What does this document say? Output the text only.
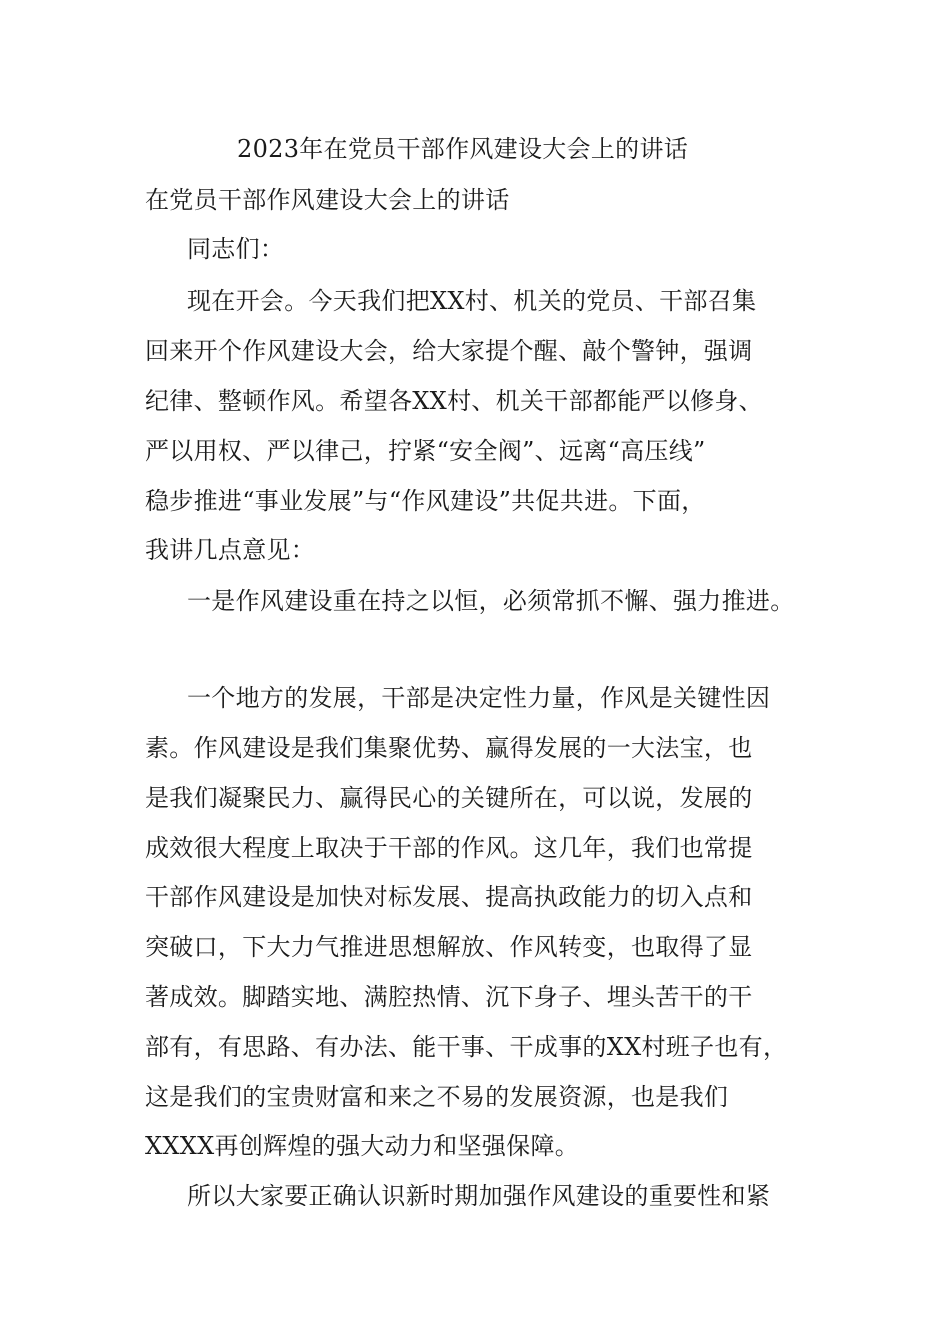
2023年在党员干部作风建设大会上的讲话
在党员干部作风建设大会上的讲话
同志们：
现在开会。今天我们把XX村、机关的党员、干部召集
回来开个作风建设大会，给大家提个醒、敲个警钟，强调
纪律、整顿作风。希望各XX村、机关干部都能严以修身、
严以用权、严以律己，拧紧“安全阀”、远离“高压线”
稳步推进“事业发展”与“作风建设”共促共进。下面，
我讲几点意见：
一是作风建设重在持之以恒，必须常抓不懈、强力推进。
一个地方的发展，干部是决定性力量，作风是关键性因
素。作风建设是我们集聚优势、赢得发展的一大法宝，也
是我们凝聚民力、赢得民心的关键所在，可以说，发展的
成效很大程度上取决于干部的作风。这几年，我们也常提
干部作风建设是加快对标发展、提高执政能力的切入点和
突破口，下大力气推进思想解放、作风转变，也取得了显
著成效。脚踏实地、满腔热情、沉下身子、埋头苦干的干
部有，有思路、有办法、能干事、干成事的XX村班子也有，
这是我们的宝贵财富和来之不易的发展资源，也是我们
XXXX再创辉煌的强大动力和坚强保障。
所以大家要正确认识新时期加强作风建设的重要性和紧
